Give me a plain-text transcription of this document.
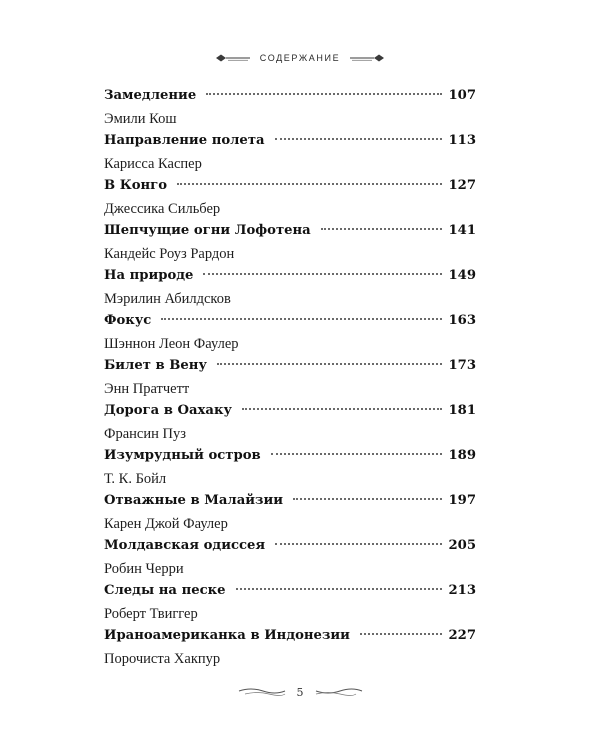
СОДЕРЖАНИЕ
Замедление	107
Эмили Кош
Направление полета	113
Карисса Каспер
В Конго	127
Джессика Сильбер
Шепчущие огни Лофотена	141
Кандейс Роуз Рардон
На природе	149
Мэрилин Абилдсков
Фокус	163
Шэннон Леон Фаулер
Билет в Вену	173
Энн Пратчетт
Дорога в Оахаку	181
Франсин Пуз
Изумрудный остров	189
Т. К. Бойл
Отважные в Малайзии	197
Карен Джой Фаулер
Молдавская одиссея	205
Робин Черри
Следы на песке	213
Роберт Твиггер
Ираноамериканка в Индонезии	227
Порочиста Хакпур
5
